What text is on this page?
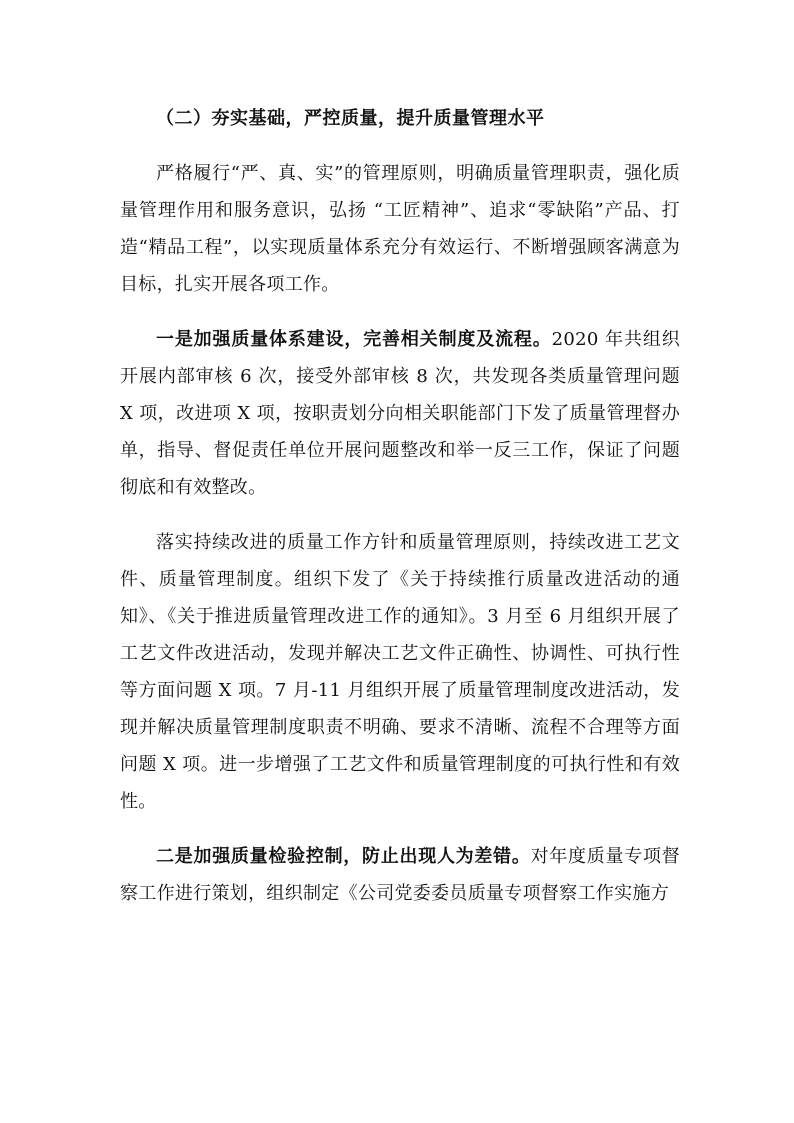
（二）夯实基础，严控质量，提升质量管理水平

严格履行“严、真、实”的管理原则，明确质量管理职责，强化质量管理作用和服务意识，弘扬 “工匠精神”、追求“零缺陷”产品、打造“精品工程”，以实现质量体系充分有效运行、不断增强顾客满意为目标，扎实开展各项工作。

一是加强质量体系建设，完善相关制度及流程。2020 年共组织开展内部审核 6 次，接受外部审核 8 次，共发现各类质量管理问题 X 项，改进项 X 项，按职责划分向相关职能部门下发了质量管理督办单，指导、督促责任单位开展问题整改和举一反三工作，保证了问题彻底和有效整改。

落实持续改进的质量工作方针和质量管理原则，持续改进工艺文件、质量管理制度。组织下发了《关于持续推行质量改进活动的通知》、《关于推进质量管理改进工作的通知》。3 月至 6 月组织开展了工艺文件改进活动，发现并解决工艺文件正确性、协调性、可执行性等方面问题 X 项。7 月-11 月组织开展了质量管理制度改进活动，发现并解决质量管理制度职责不明确、要求不清晰、流程不合理等方面问题 X 项。进一步增强了工艺文件和质量管理制度的可执行性和有效性。

二是加强质量检验控制，防止出现人为差错。对年度质量专项督察工作进行策划，组织制定《公司党委委员质量专项督察工作实施方
